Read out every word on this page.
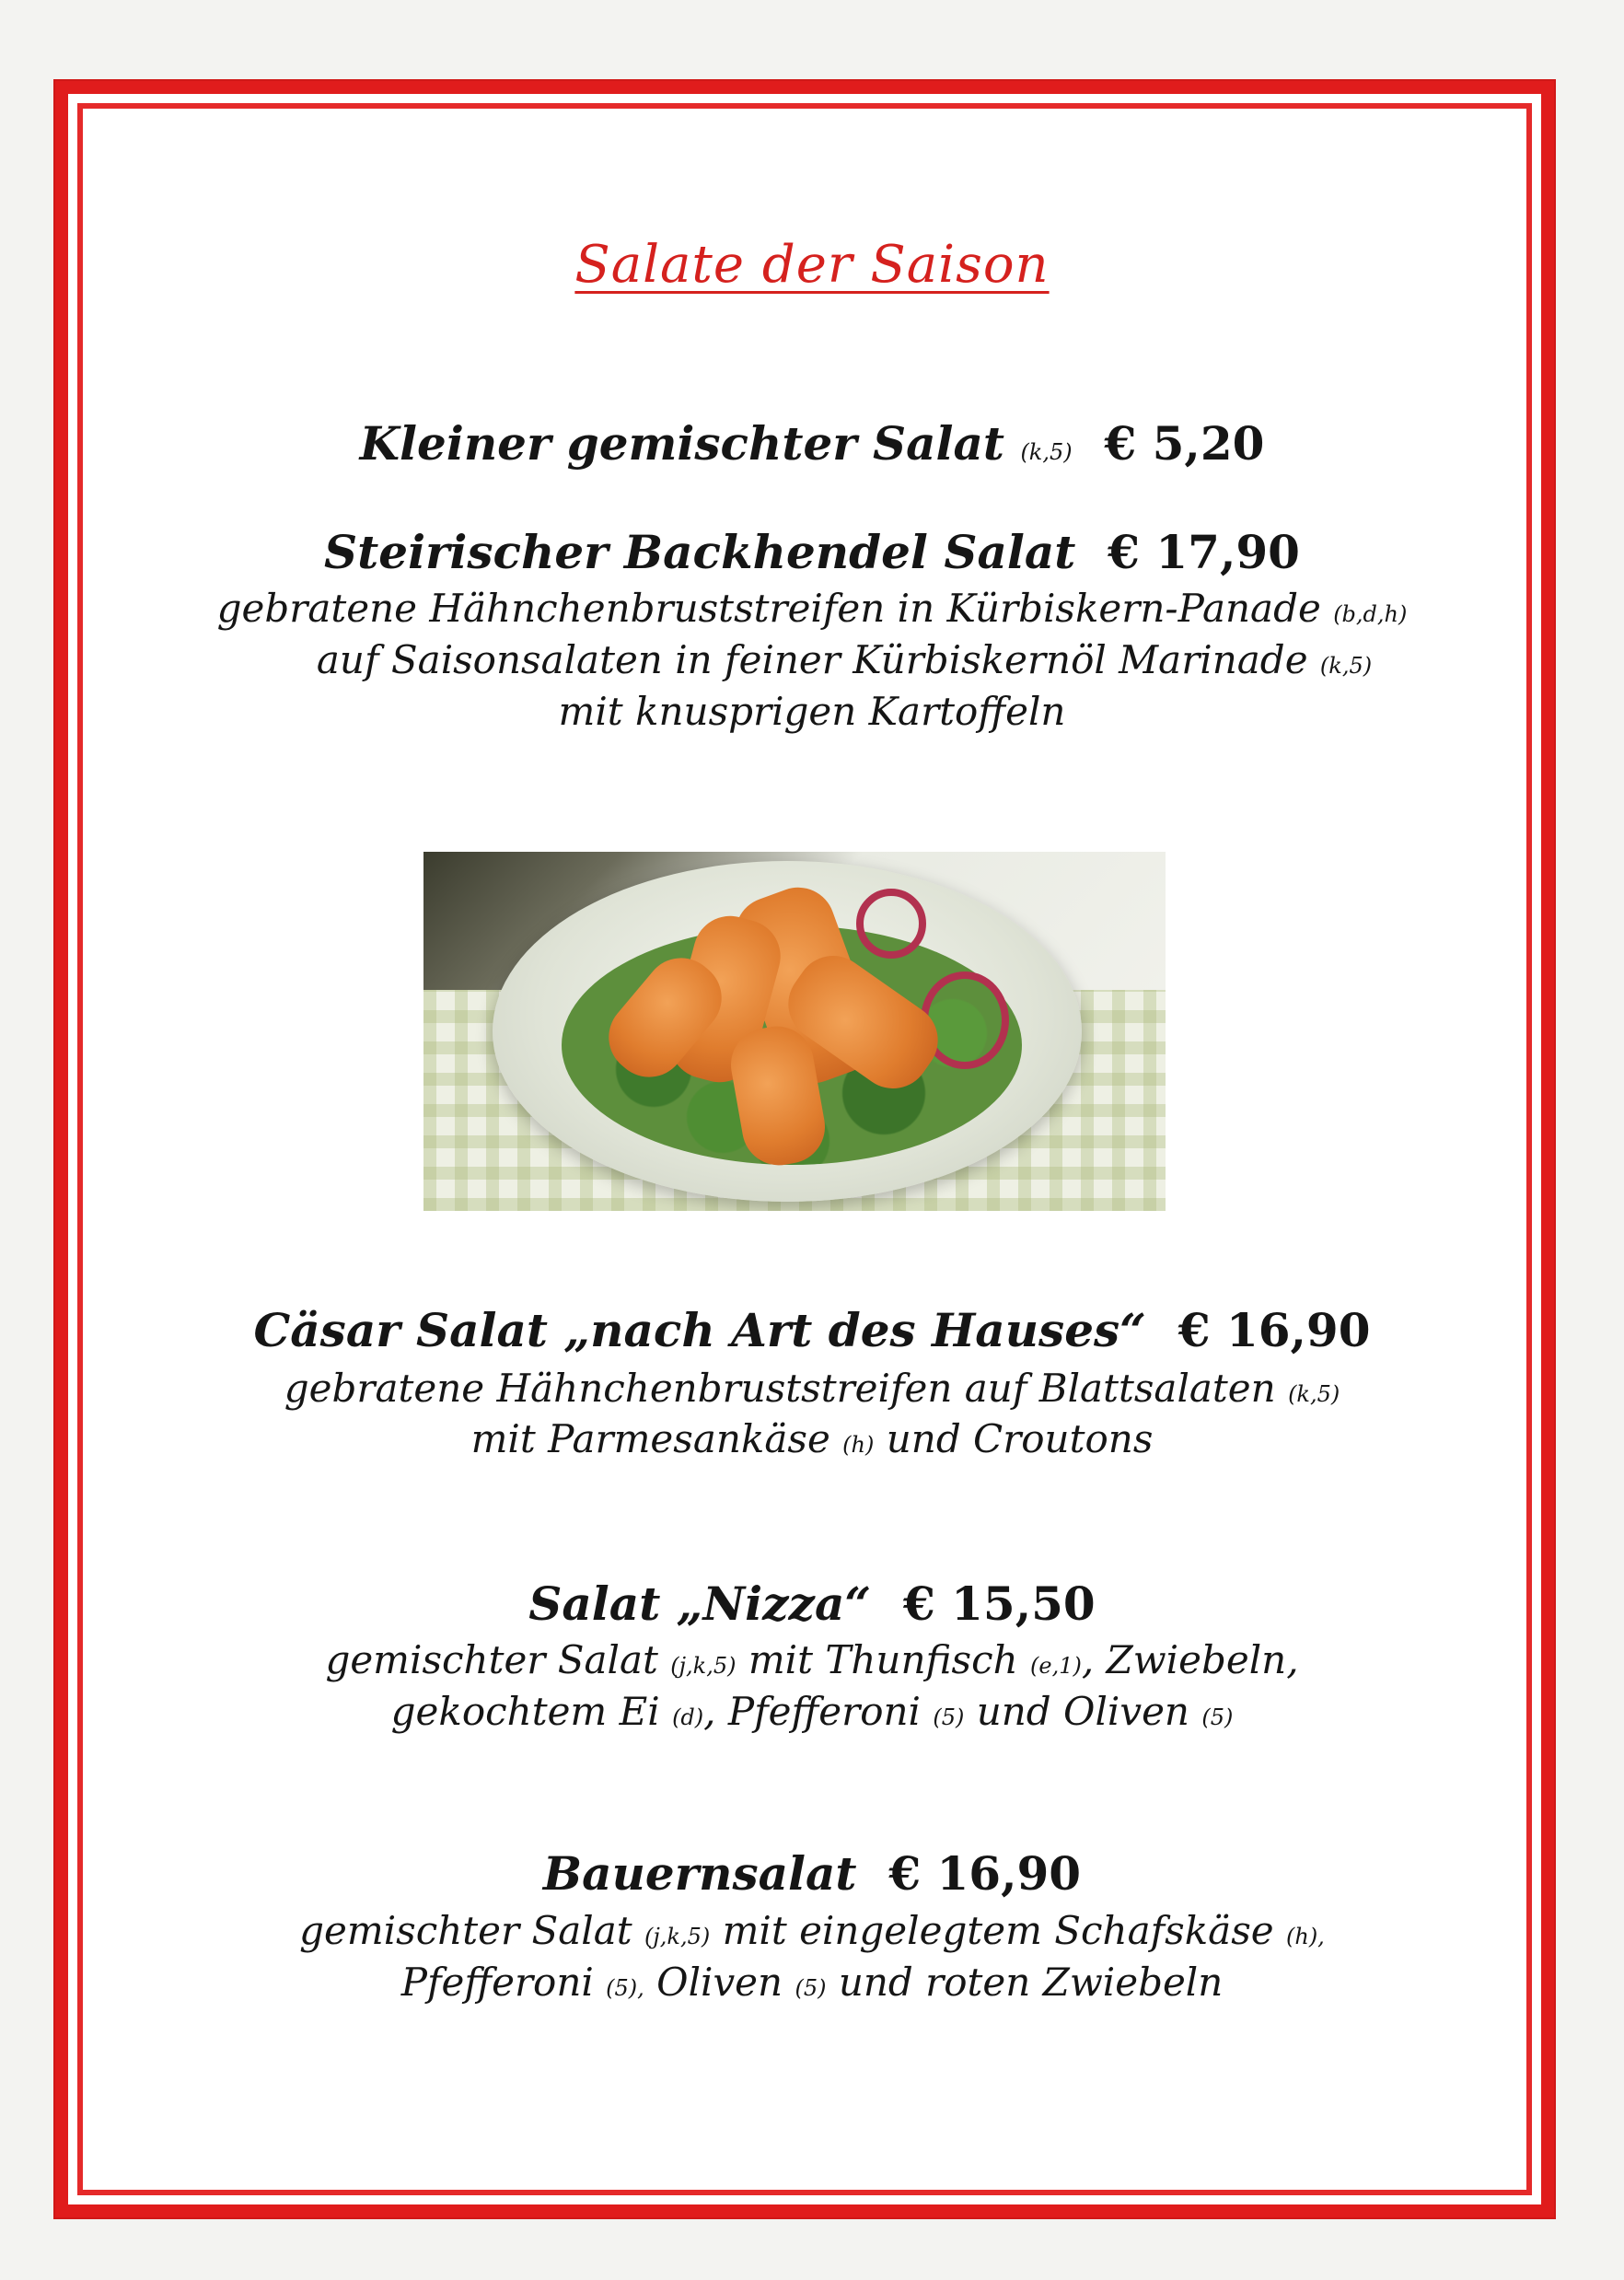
Salate der Saison
Kleiner gemischter Salat (k,5) € 5,20
Steirischer Backhendel Salat € 17,90
gebratene Hähnchenbruststreifen in Kürbiskern-Panade (b,d,h)
auf Saisonsalaten in feiner Kürbiskernöl Marinade (k,5)
mit knusprigen Kartoffeln
Cäsar Salat „nach Art des Hauses“ € 16,90
gebratene Hähnchenbruststreifen auf Blattsalaten (k,5)
mit Parmesankäse (h) und Croutons
Salat „Nizza“ € 15,50
gemischter Salat (j,k,5) mit Thunfisch (e,1), Zwiebeln,
gekochtem Ei (d), Pfefferoni (5) und Oliven (5)
Bauernsalat € 16,90
gemischter Salat (j,k,5) mit eingelegtem Schafskäse (h),
Pfefferoni (5), Oliven (5) und roten Zwiebeln
